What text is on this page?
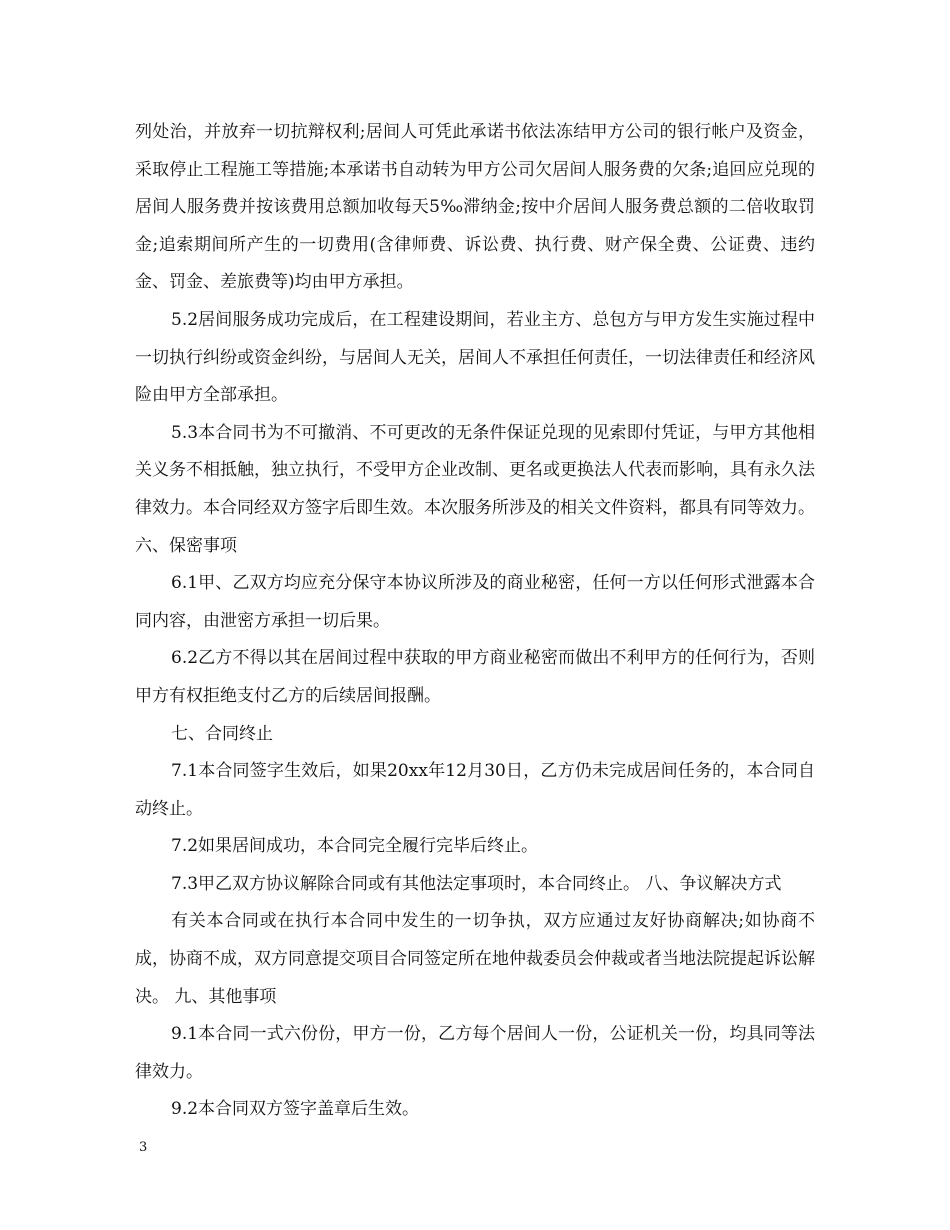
列处治，并放弃一切抗辩权利;居间人可凭此承诺书依法冻结甲方公司的银行帐户及资金，采取停止工程施工等措施;本承诺书自动转为甲方公司欠居间人服务费的欠条;追回应兑现的居间人服务费并按该费用总额加收每天5‰滞纳金;按中介居间人服务费总额的二倍收取罚金;追索期间所产生的一切费用(含律师费、诉讼费、执行费、财产保全费、公证费、违约金、罚金、差旅费等)均由甲方承担。

5.2居间服务成功完成后，在工程建设期间，若业主方、总包方与甲方发生实施过程中一切执行纠纷或资金纠纷，与居间人无关，居间人不承担任何责任，一切法律责任和经济风险由甲方全部承担。

5.3本合同书为不可撤消、不可更改的无条件保证兑现的见索即付凭证，与甲方其他相关义务不相抵触，独立执行，不受甲方企业改制、更名或更换法人代表而影响，具有永久法律效力。本合同经双方签字后即生效。本次服务所涉及的相关文件资料，都具有同等效力。 六、保密事项

6.1甲、乙双方均应充分保守本协议所涉及的商业秘密，任何一方以任何形式泄露本合同内容，由泄密方承担一切后果。

6.2乙方不得以其在居间过程中获取的甲方商业秘密而做出不利甲方的任何行为，否则甲方有权拒绝支付乙方的后续居间报酬。

七、合同终止

7.1本合同签字生效后，如果20xx年12月30日，乙方仍未完成居间任务的，本合同自动终止。

7.2如果居间成功，本合同完全履行完毕后终止。

7.3甲乙双方协议解除合同或有其他法定事项时，本合同终止。 八、争议解决方式

有关本合同或在执行本合同中发生的一切争执，双方应通过友好协商解决;如协商不成，协商不成，双方同意提交项目合同签定所在地仲裁委员会仲裁或者当地法院提起诉讼解决。 九、其他事项

9.1本合同一式六份份，甲方一份，乙方每个居间人一份，公证机关一份，均具同等法律效力。

9.2本合同双方签字盖章后生效。

3
